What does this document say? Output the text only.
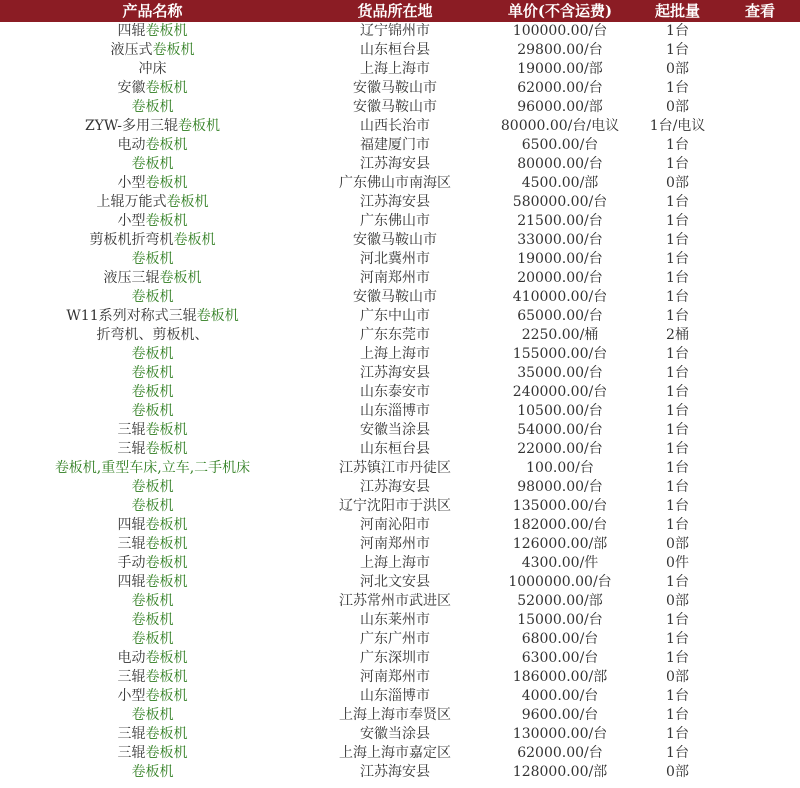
产品名称	货品所在地	单价(不含运费)	起批量	查看
四辊卷板机	辽宁锦州市	100000.00/台	1台	
液压式卷板机	山东桓台县	29800.00/台	1台	
冲床	上海上海市	19000.00/部	0部	
安徽卷板机	安徽马鞍山市	62000.00/台	1台	
卷板机	安徽马鞍山市	96000.00/部	0部	
ZYW-多用三辊卷板机	山西长治市	80000.00/台/电议	1台/电议	
电动卷板机	福建厦门市	6500.00/台	1台	
卷板机	江苏海安县	80000.00/台	1台	
小型卷板机	广东佛山市南海区	4500.00/部	0部	
上辊万能式卷板机	江苏海安县	580000.00/台	1台	
小型卷板机	广东佛山市	21500.00/台	1台	
剪板机折弯机卷板机	安徽马鞍山市	33000.00/台	1台	
卷板机	河北冀州市	19000.00/台	1台	
液压三辊卷板机	河南郑州市	20000.00/台	1台	
卷板机	安徽马鞍山市	410000.00/台	1台	
W11系列对称式三辊卷板机	广东中山市	65000.00/台	1台	
折弯机、剪板机、	广东东莞市	2250.00/桶	2桶	
卷板机	上海上海市	155000.00/台	1台	
卷板机	江苏海安县	35000.00/台	1台	
卷板机	山东泰安市	240000.00/台	1台	
卷板机	山东淄博市	10500.00/台	1台	
三辊卷板机	安徽当涂县	54000.00/台	1台	
三辊卷板机	山东桓台县	22000.00/台	1台	
卷板机,重型车床,立车,二手机床	江苏镇江市丹徒区	100.00/台	1台	
卷板机	江苏海安县	98000.00/台	1台	
卷板机	辽宁沈阳市于洪区	135000.00/台	1台	
四辊卷板机	河南沁阳市	182000.00/台	1台	
三辊卷板机	河南郑州市	126000.00/部	0部	
手动卷板机	上海上海市	4300.00/件	0件	
四辊卷板机	河北文安县	1000000.00/台	1台	
卷板机	江苏常州市武进区	52000.00/部	0部	
卷板机	山东莱州市	15000.00/台	1台	
卷板机	广东广州市	6800.00/台	1台	
电动卷板机	广东深圳市	6300.00/台	1台	
三辊卷板机	河南郑州市	186000.00/部	0部	
小型卷板机	山东淄博市	4000.00/台	1台	
卷板机	上海上海市奉贤区	9600.00/台	1台	
三辊卷板机	安徽当涂县	130000.00/台	1台	
三辊卷板机	上海上海市嘉定区	62000.00/台	1台	
卷板机	江苏海安县	128000.00/部	0部	
